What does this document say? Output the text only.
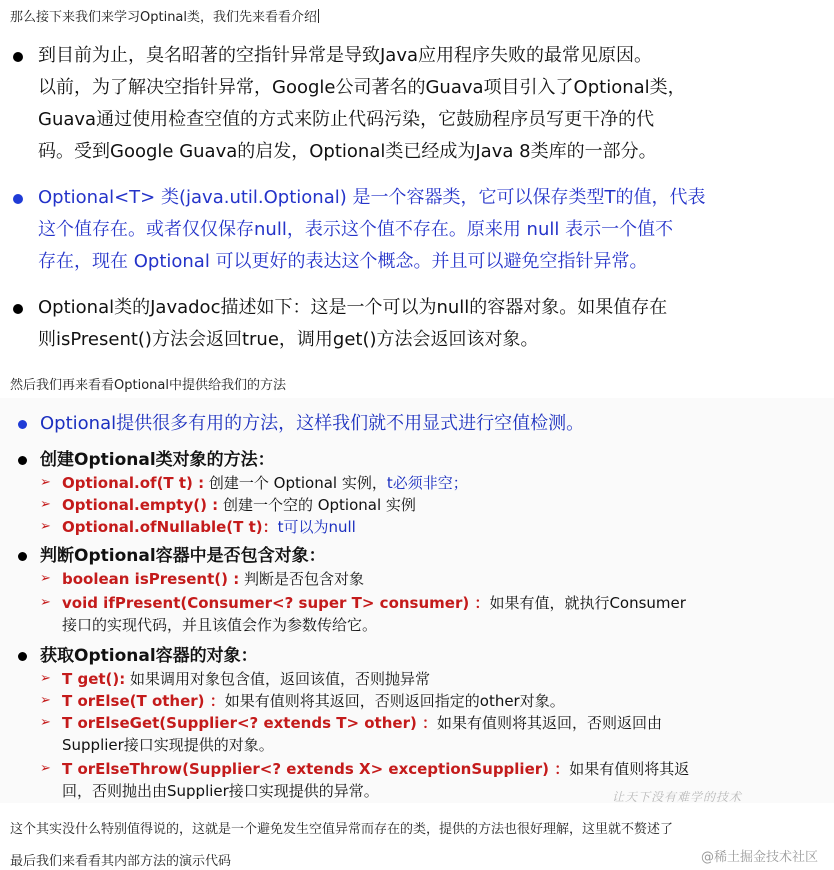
那么接下来我们来学习Optinal类，我们先来看看介绍
到目前为止，臭名昭著的空指针异常是导致Java应用程序失败的最常见原因。
以前，为了解决空指针异常，Google公司著名的Guava项目引入了Optional类，
Guava通过使用检查空值的方式来防止代码污染，它鼓励程序员写更干净的代
码。受到Google Guava的启发，Optional类已经成为Java 8类库的一部分。
Optional<T> 类(java.util.Optional) 是一个容器类，它可以保存类型T的值，代表
这个值存在。或者仅仅保存null，表示这个值不存在。原来用 null 表示一个值不
存在，现在 Optional 可以更好的表达这个概念。并且可以避免空指针异常。
Optional类的Javadoc描述如下：这是一个可以为null的容器对象。如果值存在
则isPresent()方法会返回true，调用get()方法会返回该对象。
然后我们再来看看Optional中提供给我们的方法
Optional提供很多有用的方法，这样我们就不用显式进行空值检测。
创建Optional类对象的方法：
➢ Optional.of(T t) : 创建一个 Optional 实例，t必须非空；
➢ Optional.empty() : 创建一个空的 Optional 实例
➢ Optional.ofNullable(T t)：t可以为null
判断Optional容器中是否包含对象：
➢ boolean isPresent() : 判断是否包含对象
➢ void ifPresent(Consumer<? super T> consumer) ：如果有值，就执行Consumer
接口的实现代码，并且该值会作为参数传给它。
获取Optional容器的对象：
➢ T get(): 如果调用对象包含值，返回该值，否则抛异常
➢ T orElse(T other) ：如果有值则将其返回，否则返回指定的other对象。
➢ T orElseGet(Supplier<? extends T> other) ：如果有值则将其返回，否则返回由
Supplier接口实现提供的对象。
➢ T orElseThrow(Supplier<? extends X> exceptionSupplier) ：如果有值则将其返
回，否则抛出由Supplier接口实现提供的异常。	让天下没有难学的技术
这个其实没什么特别值得说的，这就是一个避免发生空值异常而存在的类，提供的方法也很好理解，这里就不赘述了
最后我们来看看其内部方法的演示代码	@稀土掘金技术社区
